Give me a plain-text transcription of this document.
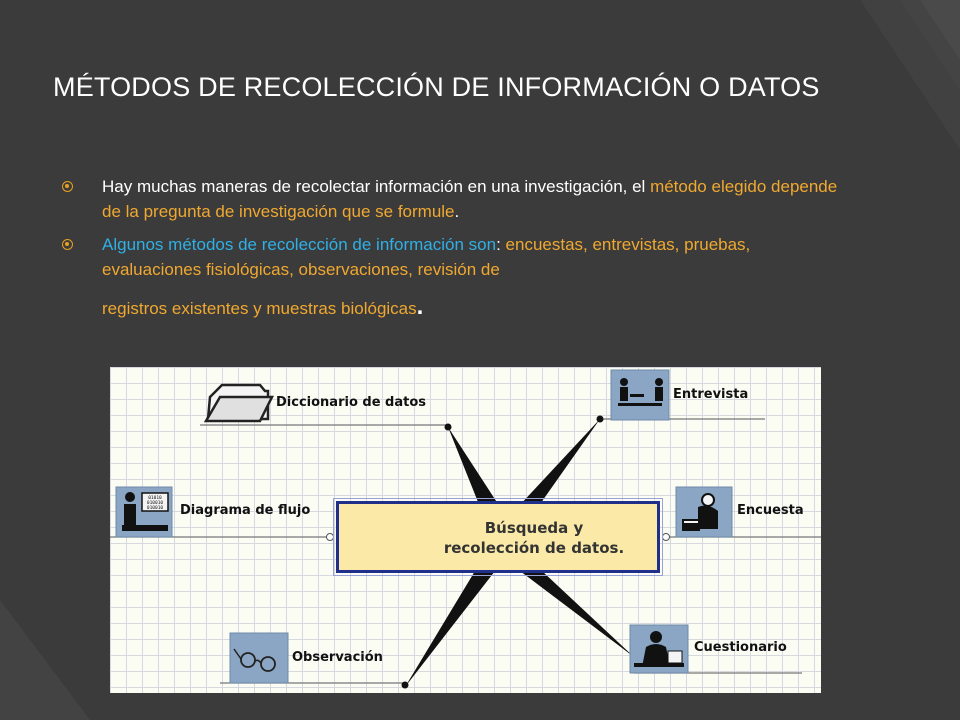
MÉTODOS DE RECOLECCIÓN DE INFORMACIÓN O DATOS
Hay muchas maneras de recolectar información en una investigación, el método elegido depende de la pregunta de investigación que se formule.
Algunos métodos de recolección de información son: encuestas, entrevistas, pruebas, evaluaciones fisiológicas, observaciones, revisión de
registros existentes y muestras biológicas.
01010
010010
010010
Búsqueda y
recolección de datos.
Diccionario de datos
Entrevista
Diagrama de flujo	Encuesta
Observación
Cuestionario
